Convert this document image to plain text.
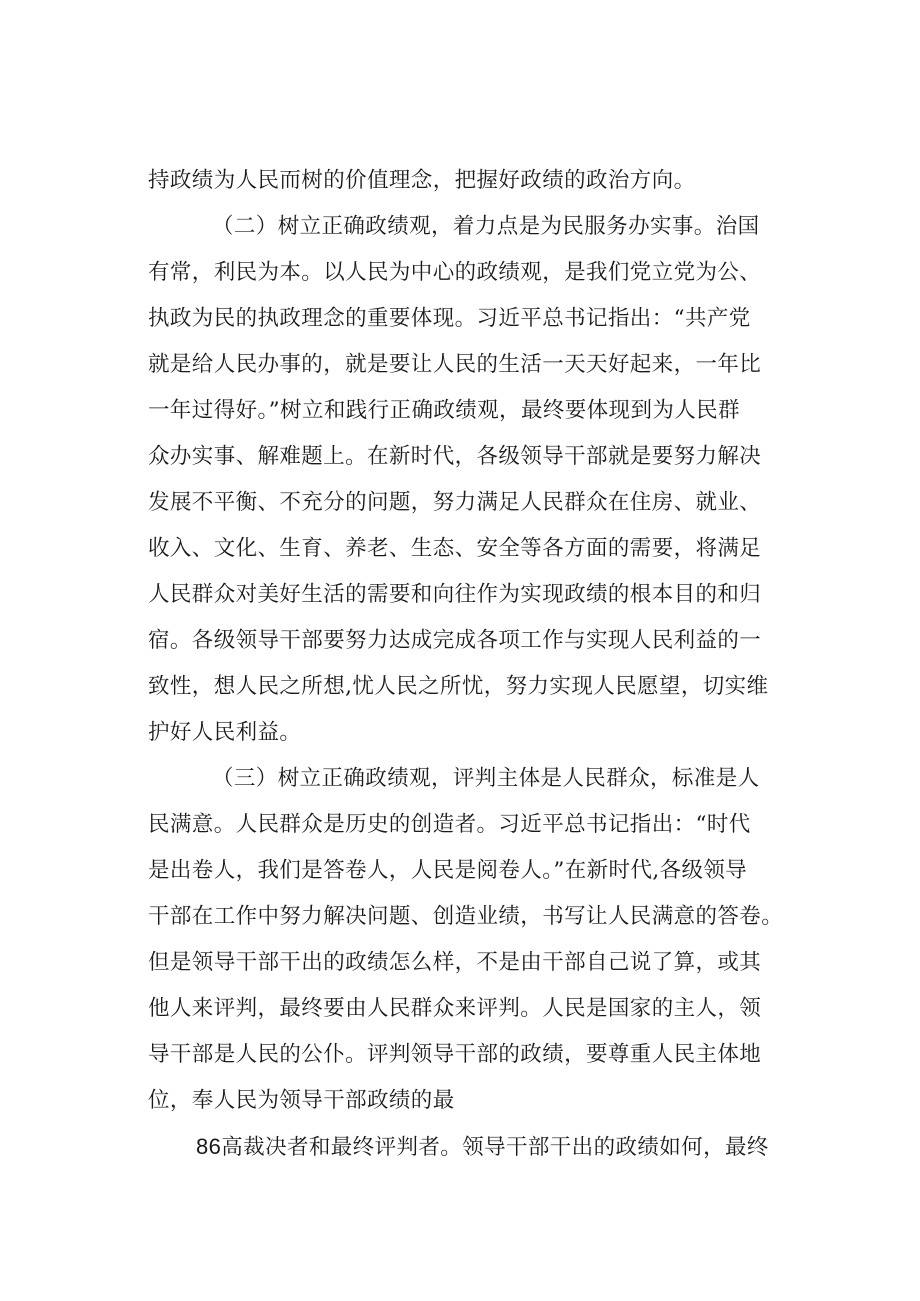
持政绩为人民而树的价值理念，把握好政绩的政治方向。
（二）树立正确政绩观，着力点是为民服务办实事。治国
有常，利民为本。以人民为中心的政绩观，是我们党立党为公、
执政为民的执政理念的重要体现。习近平总书记指出：“共产党
就是给人民办事的，就是要让人民的生活一天天好起来，一年比
一年过得好。”树立和践行正确政绩观，最终要体现到为人民群
众办实事、解难题上。在新时代，各级领导干部就是要努力解决
发展不平衡、不充分的问题，努力满足人民群众在住房、就业、
收入、文化、生育、养老、生态、安全等各方面的需要，将满足
人民群众对美好生活的需要和向往作为实现政绩的根本目的和归
宿。各级领导干部要努力达成完成各项工作与实现人民利益的一
致性，想人民之所想,忧人民之所忧，努力实现人民愿望，切实维
护好人民利益。
（三）树立正确政绩观，评判主体是人民群众，标准是人
民满意。人民群众是历史的创造者。习近平总书记指出：“时代
是出卷人，我们是答卷人，人民是阅卷人。”在新时代,各级领导
干部在工作中努力解决问题、创造业绩，书写让人民满意的答卷。
但是领导干部干出的政绩怎么样，不是由干部自己说了算，或其
他人来评判，最终要由人民群众来评判。人民是国家的主人，领
导干部是人民的公仆。评判领导干部的政绩，要尊重人民主体地
位，奉人民为领导干部政绩的最
86高裁决者和最终评判者。领导干部干出的政绩如何，最终
